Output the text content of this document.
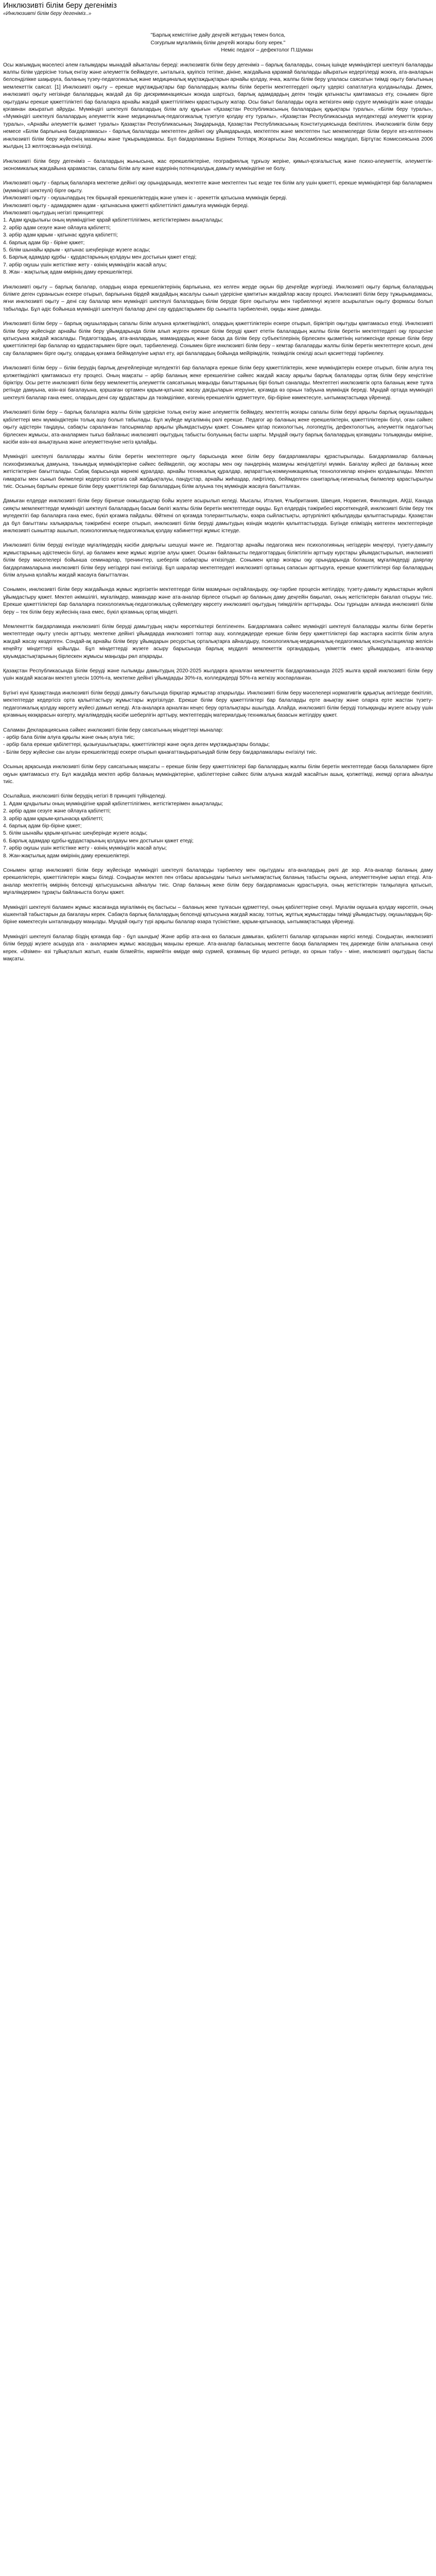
Инклюзивті білім беру дегеніміз
«Инклюзивті білім беру дегеніміз..»

"Барлық кемістігіне дайу деңгейі жетудың темен болса,

Соғурлым мұғалімнің білім деңгейі жоғары болу керек."

Неміс педагог – дефектолог П.Шуман

Осы жағымдың мәселесі әлем ғалымдары мынадай айыкталаы береді: инклюзивтік білім беру дегеніміз – барлық балаларды, соның ішінде мүмкіндіктері шектеулі балаларды жалпы білім үдерісіне толық енгізу және әлеуметтік бейімдеуге, ынталыға, қауіпсіз тетіпке, дініне, жағдайына қарамай балаларды айыратын кедергілерді жоюға, ата-аналарын белсенділікке шақыруға, баланың түзеу-педагогикалық және медициналық мұқтаждықтарын арнайы қолдау, ячка, жалпы білім беру ұлаласы саясатын тиімді оқыту бағытының мемлекеттік саясат. [1] Инклюзивті оқыту – ерекше мұқтаждықтары бар балалардың жалпы білім беретін мектептердегі оқыту үдерісі сапатлатуға қолданылады. Демек, инклюзивті оқыту негізінде балалардың жағдай да бір дискриминациясын жоюда шартсыз, барлық адамдардың деген теңдік қатынасты қамтамасыз ету, сонымен бірге оқытудағы ерекше қажеттіліктегі бар балаларға арнайы жағдай қажеттілігімен қарастырылу жатар. Осы бағыт балаларды оқуға жеткізген өмір сүруге мүмкіндігін және оларды қоғамнан ажыратып айруды. Мүмкіндігі шектеулі балалардың білім алу құқығын «Қазақстан Республикасының балалардың құқықтары туралы», «Білім беру туралы», «Мүмкіндігі шектеулі балалардың әлеуметтік және медициналық-педагогикалық түзетуге қолдау ету туралы», «Қазақстан Республикасында мүгедектерді әлеуметтік қорғау туралы», «Арнайы әлеуметтік қызмет туралы» Қазақстан Республикасының Заңдарында, Қазақстан Республикасының Конституциясында бекітілген. Инклюзивтік білім беру немесе «Білім барлығына бағдарламасы» - барлық балаларды мектептен дейінгі оқу ұйымдарында, мектептен және мектептен тыс мекемелерде білім беруге кез-келгеннен инклюзивті білім беру жүйесінің мазмұны және тұжырымдамасы. Бүл бағдарламаны Бүрінен Тотпарқ Жоғарғысы Заң Ассамблеясы мақұлдап, Біртұтас Комиссиясына 2006 жылдың 13 желтоқсанында енгізілді.

Инклюзивті білім беру дегеніміз – балалардың жынысына, жас ерекшеліктеріне, географиялық тұрғызу жеріне, қимыл-қозғалыстық және психо-әлеуметтік, әлеуметтік-экономикалық жағдайына қарамастан, сапалы білім алу және өздерінің потенциалдық дамыту мүмкіндігіне не болу.

Инклюзивті оқыту - барлық балаларға мектепке дейінгі оқу орындарында, мектепте және мектептен тыс кезде тек білім алу үшін қажетті, ерекше мүмкіндіктері бар балалармен (мүмкіндігі шектеулі) бірге оқыту.
Инклюзивті оқыту - оқушылардың тек бірыңғай ерекшеліктердің және үлкен іс - әрекеттік қатысына мүмкіндік береді.
Инклюзивті оқыту - адамдармен адам - қатынасына қажетті қабілеттілікті дамытуға мүмкіндік береді.
Инклюзивті оқытудың негізгі принциптері:
1. Адам құндылығы оның мүмкіндігіне қарай қабілеттілігімен, жетістіктерімен анықталады;
2. әрбір адам сезуге және ойлауға қабілетті;
3. әрбір адам қарым - қатынас құруға қабілетті;
4. барлық адам бір - біріне қажет;
5. білім шынайы қарым - қатынас шеңберінде жүзеге асады;
6. Барлық адамдар құрбы - құрдастарының қолдауы мен достығын қажет етеді;
7. әрбір оқушы үшін жетістікке жету - өзінің мүмкіндігін жасай алуы;
8. Жан - жақтылық адам өмірінің даму ерекшеліктері.

Инклюзивті оқыту – барлық балалар, олардың өзара ерекшеліктерінің барлығына, кез келген жерде оқуын бір деңгейде жүргізеді. Инклюзивті оқыту барлық балалардың білімге деген сұранысын ескере отырып, барлығына бірдей жағдайдың жасалуы сынып үдерісіне қамтитын жағдайлар жасау процесі. Инклюзивті білім беру тұжырымдамасы, яғни инклюзивті оқыту – дені сау балалар мен мүмкіндігі шектеулі балалардың білім беруде бірге оқытылуы мен тәрбиеленуі жүзеге асырылатын оқыту формасы болып табылады. Бұл әдіс бойынша мүмкіндігі шектеулі балалар дені сау құрдастарымен бір сыныпта тәрбиеленіп, оқиды және дамиды.

Инклюзивті білім беру – барлық оқушылардың сапалы білім алуына қолжетімділікті, олардың қажеттіліктерін ескере отырып, біріктіріп оқытуды қамтамасыз етеді. Инклюзивті білім беру жүйесінде арнайы білім беру ұйымдарында білім алып жүрген ерекше білім беруді қажет ететін балалардың жалпы білім беретін мектептердегі оқу процесіне қатысуына жағдай жасалады. Педагогтардың, ата-аналардың, мамандардың және басқа да білім беру субъектілерінің бірлескен қызметінің нәтижесінде ерекше білім беру қажеттіліктері бар балалар өз құрдастарымен бірге оқып, тәрбиеленеді. Сонымен бірге инклюзивті білім беру – кемтар балаларды жалпы білім беретін мектептерге қосып, дені сау балалармен бірге оқыту, олардың қоғамға бейімделуіне ықпал ету, әрі балалардың бойында мейірімділік, төзімділік секілді асыл қасиеттерді тәрбиелеу.

Инклюзивті білім беру – білім берудің барлық деңгейлерінде мүгедектігі бар балаларға ерекше білім беру қажеттіліктерін, жеке мүмкіндіктерін ескере отырып, білім алуға тең қолжетімділікті қамтамасыз ету процесі. Оның мақсаты – әрбір баланың жеке ерекшелігіне сәйкес жағдай жасау арқылы барлық балаларды ортақ білім беру кеңістігіне біріктіру. Осы ретте инклюзивті білім беру мемлекеттің әлеуметтік саясатының маңызды бағыттарының бірі болып саналады. Мектептегі инклюзивтік орта баланың жеке тұлға ретінде дамуына, өзін-өзі бағалауына, қоршаған ортамен қарым-қатынас жасау дағдыларын игеруіне, қоғамда өз орнын табуына мүмкіндік береді. Мұндай ортада мүмкіндігі шектеулі балалар ғана емес, олардың дені сау құрдастары да төзімділікке, өзгенің ерекшелігін құрметтеуге, бір-біріне көмектесуге, ынтымақтастыққа үйренеді.

Инклюзивті білім беру – барлық балаларға жалпы білім үдерісіне толық енгізу және әлеуметтік бейімдеу, мектептің жоғары сапалы білім беруі арқылы барлық оқушылардың қабілеттері мен мүмкіндіктерін толық ашу болып табылады. Бұл жүйеде мұғалімнің рөлі ерекше. Педагог әр баланың жеке ерекшеліктерін, қажеттіліктерін білуі, оған сәйкес оқыту әдістерін таңдауы, сабақты сараланған тапсырмалар арқылы ұйымдастыруы қажет. Сонымен қатар психологтың, логопедтің, дефектологтың, әлеуметтік педагогтың бірлескен жұмысы, ата-аналармен тығыз байланыс инклюзивті оқытудың табысты болуының басты шарты. Мұндай оқыту барлық балалардың қоғамдағы толыққанды өміріне, кәсіби өзін-өзі анықтауына және әлеуметтенуіне негіз қалайды.

Мүмкіндігі шектеулі балаларды жалпы білім беретін мектептерге оқыту барысында жеке білім беру бағдарламалары құрастырылады. Бағдарламалар баланың психофизикалық дамуына, танымдық мүмкіндіктеріне сәйкес бейімделіп, оқу жоспары мен оқу пәндерінің мазмұны жеңілдетілуі мүмкін. Бағалау жүйесі де баланың жеке жетістіктеріне бағытталады. Сабақ барысында көрнекі құралдар, арнайы техникалық құралдар, ақпараттық-коммуникациялық технологиялар кеңінен қолданылады. Мектеп ғимараты мен сынып бөлмелері кедергісіз ортаға сай жабдықталуы, пандустар, арнайы жиһаздар, лифтілер, бейімделген санитарлық-гигиеналық бөлмелер қарастырылуы тиіс. Осының барлығы ерекше білім беру қажеттіліктері бар балалардың білім алуына тең мүмкіндік жасауға бағытталған.

Дамыған елдерде инклюзивті білім беру бірнеше онжылдықтар бойы жүзеге асырылып келеді. Мысалы, Италия, Ұлыбритания, Швеция, Норвегия, Финляндия, АҚШ, Канада сияқты мемлекеттерде мүмкіндігі шектеулі балалардың басым бөлігі жалпы білім беретін мектептерде оқиды. Бұл елдердің тәжірибесі көрсеткендей, инклюзивті білім беру тек мүгедектігі бар балаларға ғана емес, бүкіл қоғамға пайдалы. Өйткені ол қоғамда толеранттылықты, өзара сыйластықты, әртүрлілікті қабылдауды қалыптастырады. Қазақстан да бұл бағыттағы халықаралық тәжірибені ескере отырып, инклюзивті білім беруді дамытудың өзіндік моделін қалыптастыруда. Бүгінде еліміздің көптеген мектептерінде инклюзивті сыныптар ашылып, психологиялық-педагогикалық қолдау кабинеттері жұмыс істеуде.

Инклюзивті білім беруді енгізуде мұғалімдердің кәсіби даярлығы шешуші мәнге ие. Педагогтар арнайы педагогика мен психологияның негіздерін меңгеруі, түзету-дамыту жұмыстарының әдістемесін білуі, әр баламен жеке жұмыс жүргізе алуы қажет. Осыған байланысты педагогтардың біліктілігін арттыру курстары ұйымдастырылып, инклюзивті білім беру мәселелері бойынша семинарлар, тренингтер, шеберлік сабақтары өткізілуде. Сонымен қатар жоғары оқу орындарында болашақ мұғалімдерді даярлау бағдарламаларына инклюзивті білім беру негіздері пәні енгізілді. Бұл шаралар мектептердегі инклюзивті ортаның сапасын арттыруға, ерекше қажеттіліктері бар балалардың білім алуына қолайлы жағдай жасауға бағытталған.

Сонымен, инклюзивті білім беру жағдайында жұмыс жүргізетін мектептерде білім мазмұнын оңтайландыру, оқу-тәрбие процесін жетілдіру, түзету-дамыту жұмыстарын жүйелі ұйымдастыру қажет. Мектеп әкімшілігі, мұғалімдер, мамандар және ата-аналар бірлесе отырып әр баланың даму деңгейін бақылап, оның жетістіктерін бағалап отыруы тиіс. Ерекше қажеттіліктері бар балаларға психологиялық-педагогикалық сүйемелдеу көрсету инклюзивті оқытудың тиімділігін арттырады. Осы тұрғыдан алғанда инклюзивті білім беру – тек білім беру жүйесінің ғана емес, бүкіл қоғамның ортақ міндеті.

Мемлекеттік бағдарламада инклюзивті білім беруді дамытудың нақты көрсеткіштері белгіленген. Бағдарламаға сәйкес мүмкіндігі шектеулі балаларды жалпы білім беретін мектептерде оқыту үлесін арттыру, мектепке дейінгі ұйымдарда инклюзивті топтар ашу, колледждерде ерекше білім беру қажеттіліктері бар жастарға кәсіптік білім алуға жағдай жасау көзделген. Сондай-ақ арнайы білім беру ұйымдарын ресурстық орталықтарға айналдыру, психологиялық-медициналық-педагогикалық консультациялар желісін кеңейту міндеттері қойылды. Бұл міндеттерді жүзеге асыру барысында барлық мүдделі мемлекеттік органдардың, үкіметтік емес ұйымдардың, ата-аналар қауымдастықтарының бірлескен жұмысы маңызды рөл атқарады.

Қазақстан Республикасында Білім беруді және ғылымды дамытудың 2020-2025 жылдарға арналған мемлекеттік бағдарламасында 2025 жылға қарай инклюзивті білім беру үшін жағдай жасаған мектеп ұлесін 100%-ға, мектепке дейінгі ұйымдарды 30%-ға, колледждерді 50%-ға жеткізу жоспарланған.

Бүгінгі күні Қазақстанда инклюзивті білім беруді дамыту бағытында бірқатар жұмыстар атқарылды. Инклюзивті білім беру мәселелері нормативтік құқықтық актілерде бекітіліп, мектептерде кедергісіз орта қалыптастыру жұмыстары жүргізілуде. Ерекше білім беру қажеттіліктері бар балаларды ерте анықтау және оларға ерте жастан түзету-педагогикалық қолдау көрсету жүйесі дамып келеді. Ата-аналарға арналған кеңес беру орталықтары ашылуда. Алайда, инклюзивті білім беруді толыққанды жүзеге асыру үшін қоғамның көзқарасын өзгерту, мұғалімдердің кәсіби шеберлігін арттыру, мектептердің материалдық-техникалық базасын жетілдіру қажет.

Саламан Декларациясына сәйкес инклюзивті білім беру саясатының міндеттері мыналар:
- әрбір бала білім алуға құқылы және оның алуға тиіс;
- әрбір бала ерекше қабілеттері, қызығушылықтары, қажеттіліктері және оқуға деген мұқтаждықтары болады;
- Білім беру жүйесіне сан алуан ерекшеліктерді ескере отырып қанағаттандыратындай білім беру бағдарламалары енгізілуі тиіс.

Осының арқасында инклюзивті білім беру саясатының мақсаты – ерекше білім беру қажеттіліктері бар балалардың жалпы білім беретін мектептерде басқа балалармен бірге оқуын қамтамасыз ету. Бұл жағдайда мектеп әрбір баланың мүмкіндіктеріне, қабілеттеріне сәйкес білім алуына жағдай жасайтын ашық, қолжетімді, икемді ортаға айналуы тиіс.

Осылайша, инклюзивті білім берудің негізгі 8 принципі түйінделеді.
1. Адам құндылығы оның мүмкіндігіне қарай қабілеттілігімен, жетістіктерімен анықталады;
2. әрбір адам сезуге және ойлауға қабілетті;
3. әрбір адам қарым-қатынасқа қабілетті;
4. барлық адам бір-біріне қажет;
5. білім шынайы қарым-қатынас шеңберінде жүзеге асады;
6. Барлық адамдар құрбы-құрдастарының қолдауы мен достығын қажет етеді;
7. әрбір оқушы үшін жетістікке жету - өзінің мүмкіндігін жасай алуы;
8. Жан-жақтылық адам өмірінің даму ерекшеліктері.

Сонымен қатар инклюзивті білім беру жүйесінде мүмкіндігі шектеулі балаларды тәрбиелеу мен оқытудағы ата-аналардың рөлі де зор. Ата-аналар баланың даму ерекшеліктерін, қажеттіліктерін жақсы біледі. Сондықтан мектеп пен отбасы арасындағы тығыз ынтымақтастық баланың табысты оқуына, әлеуметтенуіне ықпал етеді. Ата-аналар мектептің өмірінің белсенді қатысушысына айналуы тиіс. Олар баланың жеке білім беру бағдарламасын құрастыруға, оның жетістіктерін талқылауға қатысып, мұғалімдермен тұрақты байланыста болуы қажет.

Мүмкіндігі шектеулі баламен жұмыс жасағанда мұғалімнің ең бастысы – баланың жеке тұлғасын құрметтеуі, оның қабілеттеріне сенуі. Мұғалім оқушыға қолдау көрсетіп, оның кішкентай табыстарын да бағалауы керек. Сабақта барлық балалардың белсенді қатысуына жағдай жасау, топтық, жұптық жұмыстарды тиімді ұйымдастыру, оқушылардың бір-біріне көмектесуін ынталандыру маңызды. Мұндай оқыту түрі арқылы балалар өзара түсіністікке, қарым-қатынасқа, ынтымақтастыққа үйренеді.

Мүмкіндігі шектеулі балалар біздің қоғамда бар - бұл шындық! Және әрбір ата-ана өз баласын дамыған, қабілетті балалар қатарынан көргісі келеді. Сондықтан, инклюзивті білім беруді жүзеге асыруда ата - аналармен жұмыс жасаудың маңызы ерекше. Ата-аналар баласының мектепте басқа балалармен тең дәрежеде білім алатынына сенуі керек. «Өзімен- өзі тұйықталып жатып, ешкім білмейтін, көрмейтін өмірде өмір сүрмей, қоғамның бір мүшесі ретінде, өз орнын табу» - міне, инклюзивті оқытудың басты мақсаты.
